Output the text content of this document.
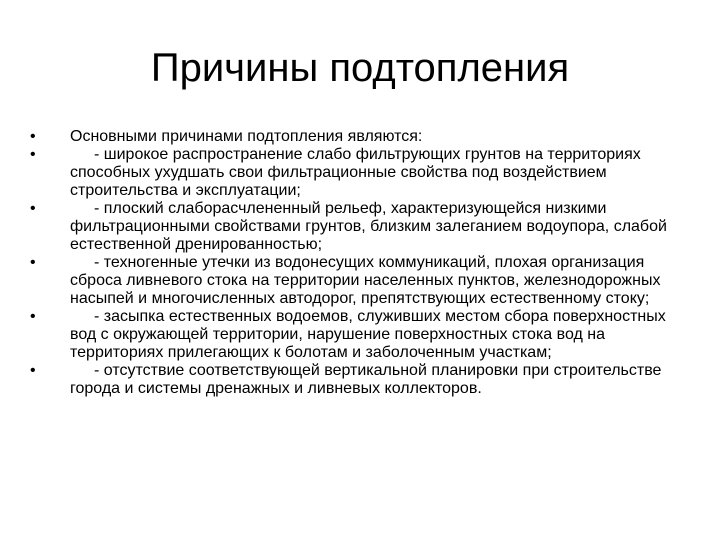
Причины подтопления
• Основными причинами подтопления являются:
•	- широкое распространение слабо фильтрующих грунтов на территориях способных ухудшать свои фильтрационные свойства под воздействием строительства и эксплуатации;
•	- плоский слаборасчлененный рельеф, характеризующейся низкими фильтрационными свойствами грунтов, близким залеганием водоупора, слабой естественной дренированностью;
•	- техногенные утечки из водонесущих коммуникаций, плохая организация сброса ливневого стока на территории населенных пунктов, железнодорожных насыпей и многочисленных автодорог, препятствующих естественному стоку;
•	- засыпка естественных водоемов, служивших местом сбора поверхностных вод с окружающей территории, нарушение поверхностных стока вод на территориях прилегающих к болотам и заболоченным участкам;
•	- отсутствие соответствующей вертикальной планировки при строительстве города и системы дренажных и ливневых коллекторов.
